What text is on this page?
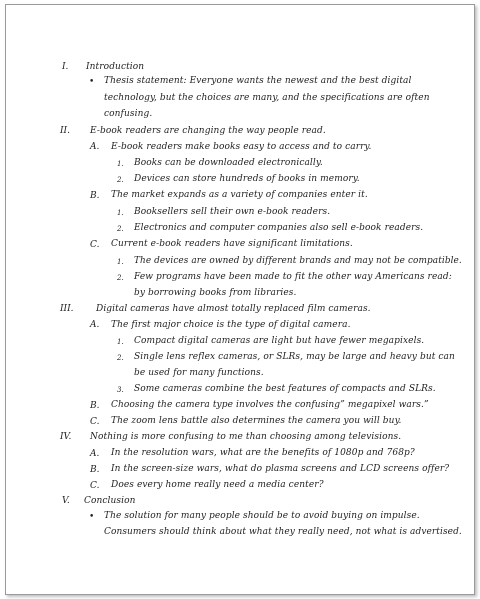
I. Introduction
• Thesis statement: Everyone wants the newest and the best digital
technology, but the choices are many, and the specifications are often
confusing.
II. E-book readers are changing the way people read.
A. E-book readers make books easy to access and to carry.
1. Books can be downloaded electronically.
2. Devices can store hundreds of books in memory.
B. The market expands as a variety of companies enter it.
1. Booksellers sell their own e-book readers.
2. Electronics and computer companies also sell e-book readers.
C. Current e-book readers have significant limitations.
1. The devices are owned by different brands and may not be compatible.
2. Few programs have been made to fit the other way Americans read:
by borrowing books from libraries.
III. Digital cameras have almost totally replaced film cameras.
A. The first major choice is the type of digital camera.
1. Compact digital cameras are light but have fewer megapixels.
2. Single lens reflex cameras, or SLRs, may be large and heavy but can
be used for many functions.
3. Some cameras combine the best features of compacts and SLRs.
B. Choosing the camera type involves the confusing” megapixel wars.”
C. The zoom lens battle also determines the camera you will buy.
IV. Nothing is more confusing to me than choosing among televisions.
A. In the resolution wars, what are the benefits of 1080p and 768p?
B. In the screen-size wars, what do plasma screens and LCD screens offer?
C. Does every home really need a media center?
V. Conclusion
• The solution for many people should be to avoid buying on impulse.
Consumers should think about what they really need, not what is advertised.
